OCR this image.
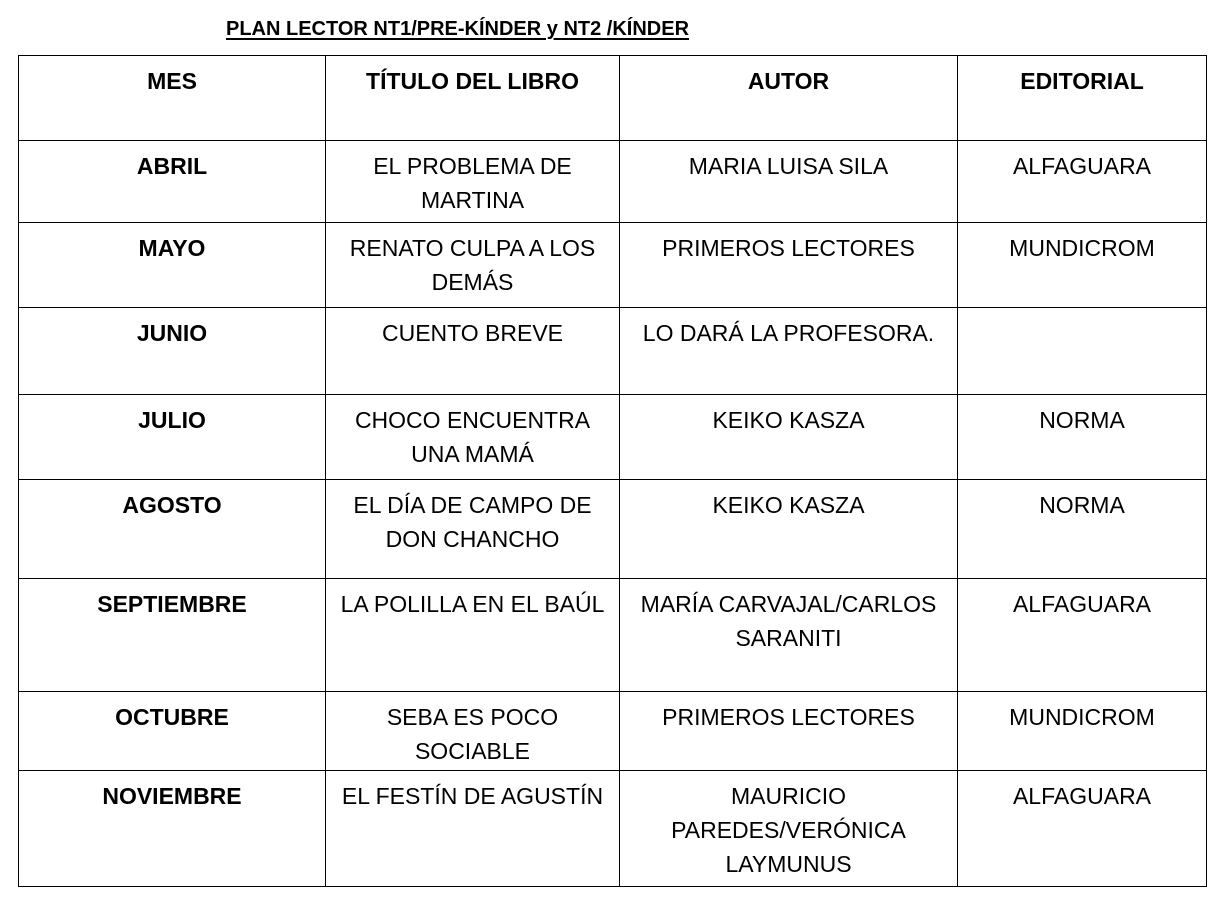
PLAN LECTOR NT1/PRE-KÍNDER y NT2 /KÍNDER
MES	TÍTULO DEL LIBRO	AUTOR	EDITORIAL
ABRIL	EL PROBLEMA DE MARTINA	MARIA LUISA SILA	ALFAGUARA
MAYO	RENATO CULPA A LOS DEMÁS	PRIMEROS LECTORES	MUNDICROM
JUNIO	CUENTO BREVE	LO DARÁ LA PROFESORA.	
JULIO	CHOCO ENCUENTRA UNA MAMÁ	KEIKO KASZA	NORMA
AGOSTO	EL DÍA DE CAMPO DE DON CHANCHO	KEIKO KASZA	NORMA
SEPTIEMBRE	LA POLILLA EN EL BAÚL	MARÍA CARVAJAL/CARLOS SARANITI	ALFAGUARA
OCTUBRE	SEBA ES POCO SOCIABLE	PRIMEROS LECTORES	MUNDICROM
NOVIEMBRE	EL FESTÍN DE AGUSTÍN	MAURICIO PAREDES/VERÓNICA LAYMUNUS	ALFAGUARA
